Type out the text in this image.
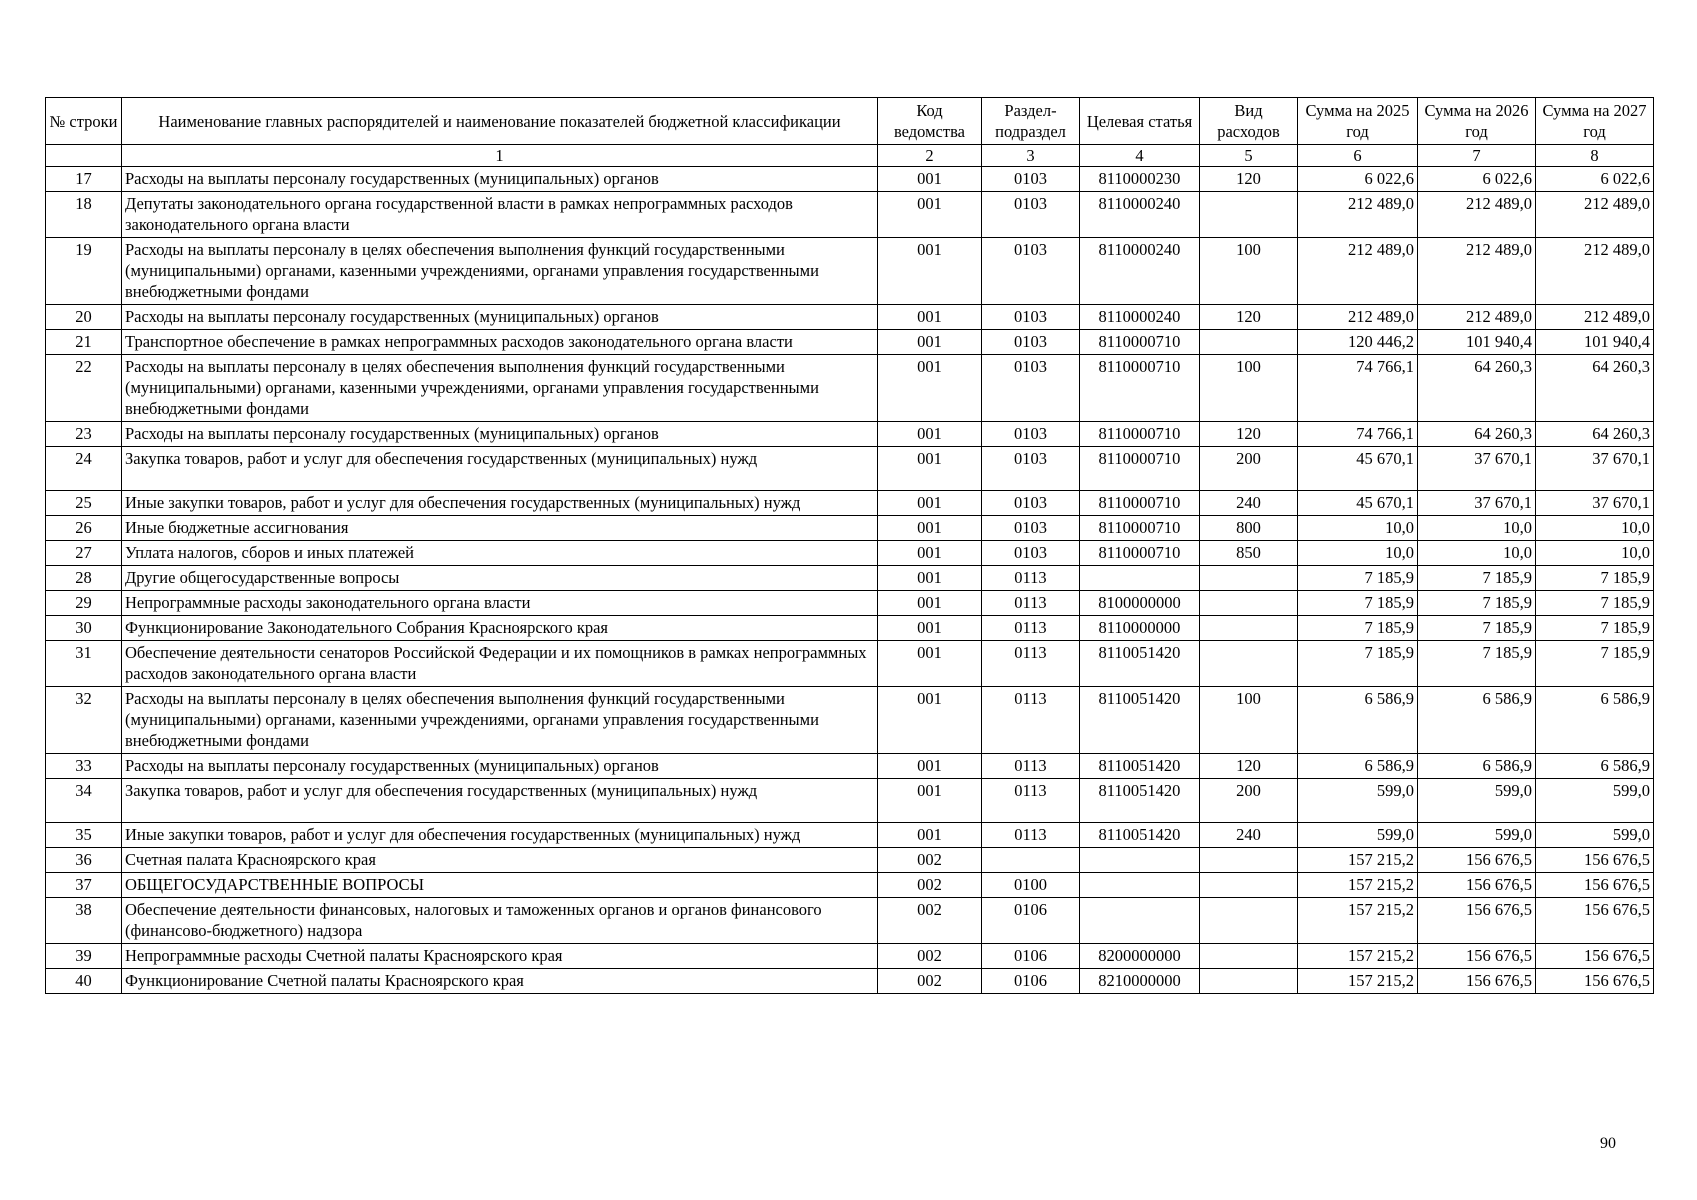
№ строки	Наименование главных распорядителей и наименование показателей бюджетной классификации	Код ведомства	Раздел-подраздел	Целевая статья	Вид расходов	Сумма на 2025 год	Сумма на 2026 год	Сумма на 2027 год
	1	2	3	4	5	6	7	8
17	Расходы на выплаты персоналу государственных (муниципальных) органов	001	0103	8110000230	120	6 022,6	6 022,6	6 022,6
18	Депутаты законодательного органа государственной власти в рамках непрограммных расходов законодательного органа власти	001	0103	8110000240		212 489,0	212 489,0	212 489,0
19	Расходы на выплаты персоналу в целях обеспечения выполнения функций государственными (муниципальными) органами, казенными учреждениями, органами управления государственными внебюджетными фондами	001	0103	8110000240	100	212 489,0	212 489,0	212 489,0
20	Расходы на выплаты персоналу государственных (муниципальных) органов	001	0103	8110000240	120	212 489,0	212 489,0	212 489,0
21	Транспортное обеспечение в рамках непрограммных расходов законодательного органа власти	001	0103	8110000710		120 446,2	101 940,4	101 940,4
22	Расходы на выплаты персоналу в целях обеспечения выполнения функций государственными (муниципальными) органами, казенными учреждениями, органами управления государственными внебюджетными фондами	001	0103	8110000710	100	74 766,1	64 260,3	64 260,3
23	Расходы на выплаты персоналу государственных (муниципальных) органов	001	0103	8110000710	120	74 766,1	64 260,3	64 260,3
24	Закупка товаров, работ и услуг для обеспечения государственных (муниципальных) нужд	001	0103	8110000710	200	45 670,1	37 670,1	37 670,1
25	Иные закупки товаров, работ и услуг для обеспечения государственных (муниципальных) нужд	001	0103	8110000710	240	45 670,1	37 670,1	37 670,1
26	Иные бюджетные ассигнования	001	0103	8110000710	800	10,0	10,0	10,0
27	Уплата налогов, сборов и иных платежей	001	0103	8110000710	850	10,0	10,0	10,0
28	Другие общегосударственные вопросы	001	0113			7 185,9	7 185,9	7 185,9
29	Непрограммные расходы законодательного органа власти	001	0113	8100000000		7 185,9	7 185,9	7 185,9
30	Функционирование Законодательного Собрания Красноярского края	001	0113	8110000000		7 185,9	7 185,9	7 185,9
31	Обеспечение деятельности сенаторов Российской Федерации и их помощников в рамках непрограммных расходов законодательного органа власти	001	0113	8110051420		7 185,9	7 185,9	7 185,9
32	Расходы на выплаты персоналу в целях обеспечения выполнения функций государственными (муниципальными) органами, казенными учреждениями, органами управления государственными внебюджетными фондами	001	0113	8110051420	100	6 586,9	6 586,9	6 586,9
33	Расходы на выплаты персоналу государственных (муниципальных) органов	001	0113	8110051420	120	6 586,9	6 586,9	6 586,9
34	Закупка товаров, работ и услуг для обеспечения государственных (муниципальных) нужд	001	0113	8110051420	200	599,0	599,0	599,0
35	Иные закупки товаров, работ и услуг для обеспечения государственных (муниципальных) нужд	001	0113	8110051420	240	599,0	599,0	599,0
36	Счетная палата Красноярского края	002				157 215,2	156 676,5	156 676,5
37	ОБЩЕГОСУДАРСТВЕННЫЕ ВОПРОСЫ	002	0100			157 215,2	156 676,5	156 676,5
38	Обеспечение деятельности финансовых, налоговых и таможенных органов и органов финансового (финансово-бюджетного) надзора	002	0106			157 215,2	156 676,5	156 676,5
39	Непрограммные расходы Счетной палаты Красноярского края	002	0106	8200000000		157 215,2	156 676,5	156 676,5
40	Функционирование Счетной палаты Красноярского края	002	0106	8210000000		157 215,2	156 676,5	156 676,5
90
